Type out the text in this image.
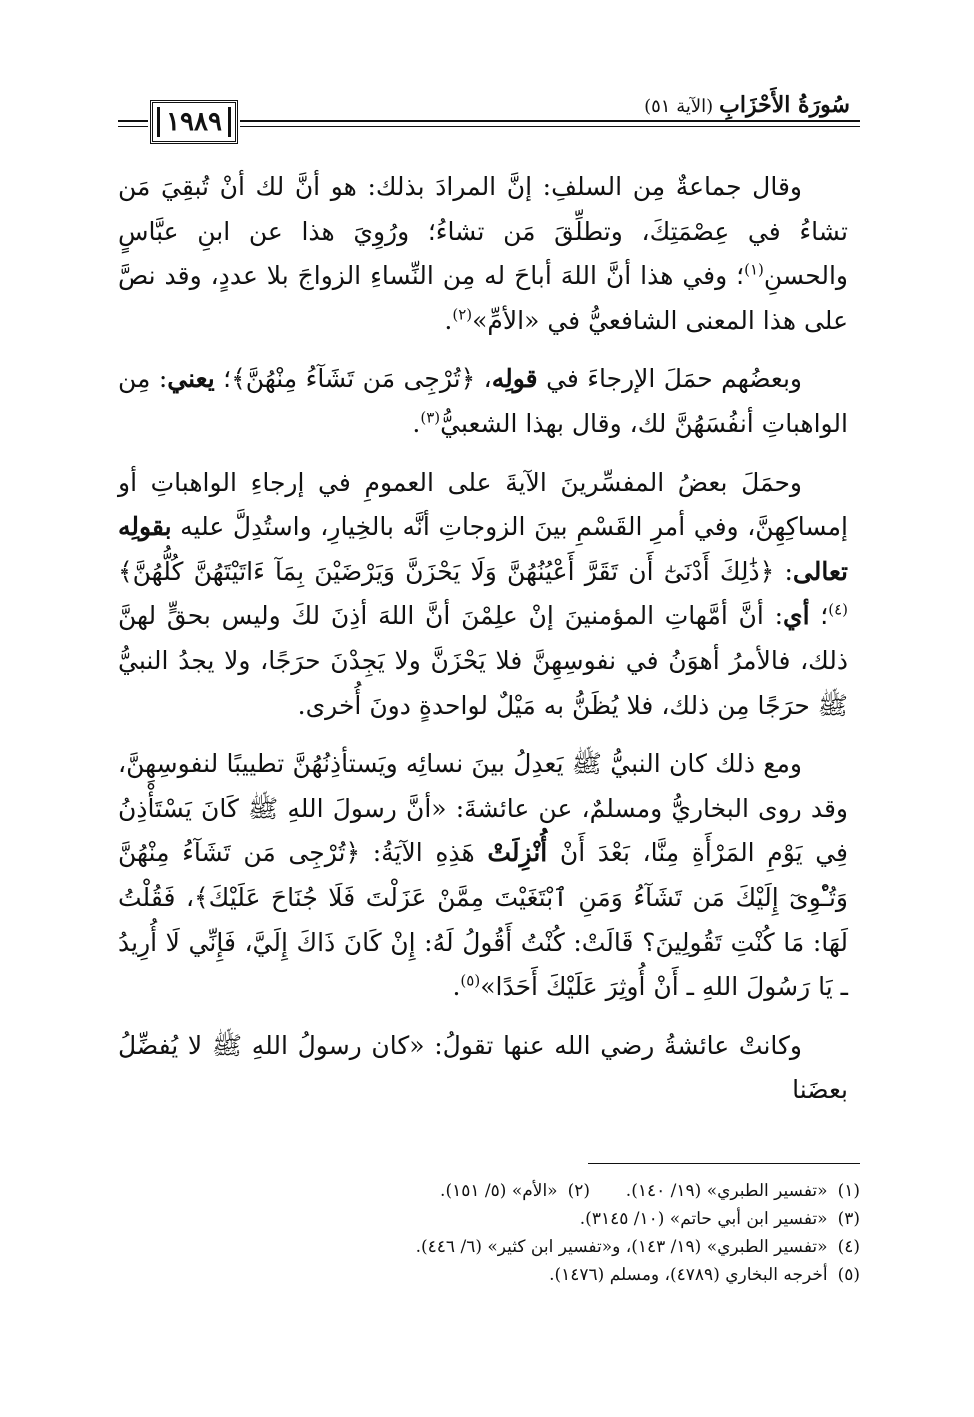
١٩٨٩
سُورَةُ الأَحْزَابِ(الآية ٥١)

وقال جماعةٌ مِن السلفِ: إنَّ المرادَ بذلك: هو أنَّ لك أنْ تُبقِيَ مَن تشاءُ في عِصْمَتِكَ، وتطلِّقَ مَن تشاءُ؛ ورُوِيَ هذا عن ابنِ عبَّاسٍ والحسنِ$^{(١)}$؛ وفي هذا أنَّ اللهَ أباحَ له مِن النِّساءِ الزواجَ بلا عددٍ، وقد نصَّ على هذا المعنى الشافعيُّ في «الأمِّ»$^{(٢)}$.

وبعضُهم حمَلَ الإرجاءَ في قولِه، ﴿تُرْجِى مَن تَشَآءُ مِنْهُنَّ﴾؛ يعني: مِن الواهباتِ أنفُسَهُنَّ لك، وقال بهذا الشعبيُّ$^{(٣)}$.

وحمَلَ بعضُ المفسِّرينَ الآيةَ على العمومِ في إرجاءِ الواهباتِ أو إمساكِهِنَّ، وفي أمرِ القَسْمِ بينَ الزوجاتِ أنَّه بالخِيارِ، واستُدِلَّ عليه بقولِه تعالى: ﴿ذَٰلِكَ أَدْنَىٰٓ أَن تَقَرَّ أَعْيُنُهُنَّ وَلَا يَحْزَنَّ وَيَرْضَيْنَ بِمَآ ءَاتَيْتَهُنَّ كُلُّهُنَّ﴾$^{(٤)}$؛ أي: أنَّ أمَّهاتِ المؤمنينَ إنْ علِمْنَ أنَّ اللهَ أذِنَ لكَ وليس بحقٍّ لهنَّ ذلك، فالأمرُ أهوَنُ في نفوسِهِنَّ فلا يَحْزَنَّ ولا يَجِدْنَ حرَجًا، ولا يجدُ النبيُّ ﷺ حرَجًا مِن ذلك، فلا يُظَنُّ به مَيْلٌ لواحدةٍ دونَ أُخرى.

ومع ذلك كان النبيُّ ﷺ يَعدِلُ بينَ نسائِه ويَستأذِنُهُنَّ تطييبًا لنفوسِهِنَّ، وقد روى البخاريُّ ومسلمٌ، عن عائشةَ: «أنَّ رسولَ اللهِ ﷺ كَانَ يَسْتَأْذِنُ فِي يَوْمِ المَرْأَةِ مِنَّا، بَعْدَ أَنْ أُنْزِلَتْ هَذِهِ الآيَةُ: ﴿تُرْجِى مَن تَشَآءُ مِنْهُنَّ وَتُـْٔوِىٓ إِلَيْكَ مَن تَشَآءُ وَمَنِ ٱبْتَغَيْتَ مِمَّنْ عَزَلْتَ فَلَا جُنَاحَ عَلَيْكَ﴾، فَقُلْتُ لَهَا: مَا كُنْتِ تَقُولِينَ؟ قَالَتْ: كُنْتُ أَقُولُ لَهُ: إِنْ كَانَ ذَاكَ إِلَيَّ، فَإِنِّي لَا أُرِيدُ ـ يَا رَسُولَ اللهِ ـ أَنْ أُوثِرَ عَلَيْكَ أَحَدًا»$^{(٥)}$.

وكانتْ عائشةُ رضي الله عنها تقولُ: «كان رسولُ اللهِ ﷺ لا يُفضِّلُ بعضَنا

(١)«تفسير الطبري» (١٩/ ١٤٠).
(٢)«الأم» (٥/ ١٥١).
(٣)«تفسير ابن أبي حاتم» (١٠/ ٣١٤٥).
(٤)«تفسير الطبري» (١٩/ ١٤٣)، و«تفسير ابن كثير» (٦/ ٤٤٦).
(٥)أخرجه البخاري (٤٧٨٩)، ومسلم (١٤٧٦).
